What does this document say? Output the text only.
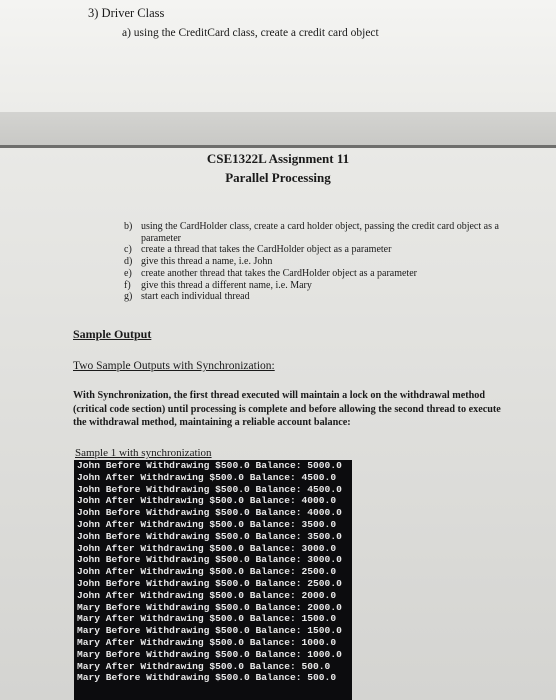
3) Driver Class
a) using the CreditCard class, create a credit card object
CSE1322L Assignment 11
Parallel Processing
b) using the CardHolder class, create a card holder object, passing the credit card object as a parameter
c) create a thread that takes the CardHolder object as a parameter
d) give this thread a name, i.e. John
e) create another thread that takes the CardHolder object as a parameter
f)	give this thread a different name, i.e. Mary
g) start each individual thread
Sample Output
Two Sample Outputs with Synchronization:
With Synchronization, the first thread executed will maintain a lock on the withdrawal method (critical code section) until processing is complete and before allowing the second thread to execute the withdrawal method, maintaining a reliable account balance:
Sample 1 with synchronization
John Before Withdrawing $500.0 Balance: 5000.0
John After Withdrawing $500.0 Balance: 4500.0
John Before Withdrawing $500.0 Balance: 4500.0
John After Withdrawing $500.0 Balance: 4000.0
John Before Withdrawing $500.0 Balance: 4000.0
John After Withdrawing $500.0 Balance: 3500.0
John Before Withdrawing $500.0 Balance: 3500.0
John After Withdrawing $500.0 Balance: 3000.0
John Before Withdrawing $500.0 Balance: 3000.0
John After Withdrawing $500.0 Balance: 2500.0
John Before Withdrawing $500.0 Balance: 2500.0
John After Withdrawing $500.0 Balance: 2000.0
Mary Before Withdrawing $500.0 Balance: 2000.0
Mary After Withdrawing $500.0 Balance: 1500.0
Mary Before Withdrawing $500.0 Balance: 1500.0
Mary After Withdrawing $500.0 Balance: 1000.0
Mary Before Withdrawing $500.0 Balance: 1000.0
Mary After Withdrawing $500.0 Balance: 500.0
Mary Before Withdrawing $500.0 Balance: 500.0
